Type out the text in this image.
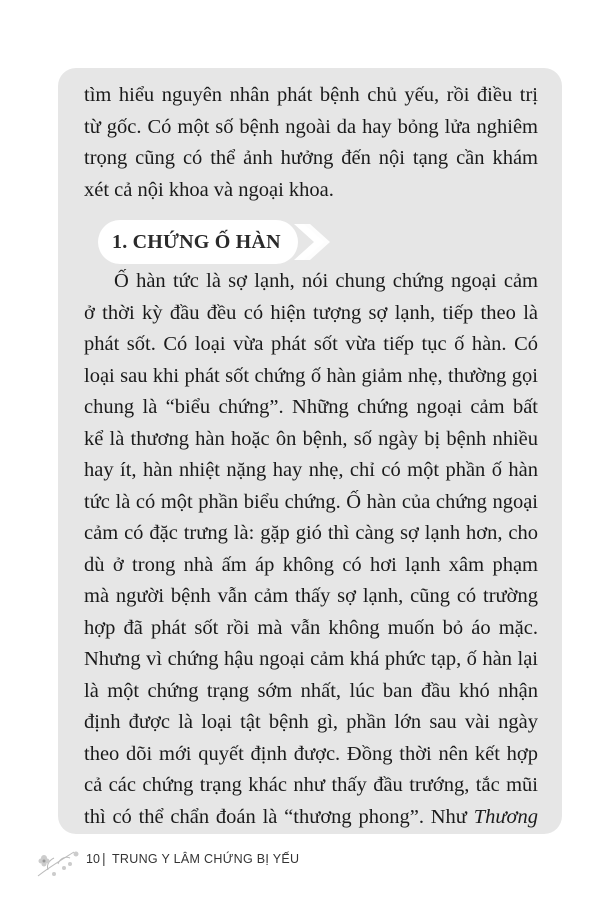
tìm hiểu nguyên nhân phát bệnh chủ yếu, rồi điều trị
từ gốc. Có một số bệnh ngoài da hay bỏng lửa nghiêm
trọng cũng có thể ảnh hưởng đến nội tạng cần khám
xét cả nội khoa và ngoại khoa.
1. CHỨNG Ố HÀN
Ố hàn tức là sợ lạnh, nói chung chứng ngoại cảm
ở thời kỳ đầu đều có hiện tượng sợ lạnh, tiếp theo là
phát sốt. Có loại vừa phát sốt vừa tiếp tục ố hàn. Có
loại sau khi phát sốt chứng ố hàn giảm nhẹ, thường gọi
chung là “biểu chứng”. Những chứng ngoại cảm bất
kể là thương hàn hoặc ôn bệnh, số ngày bị bệnh nhiều
hay ít, hàn nhiệt nặng hay nhẹ, chỉ có một phần ố hàn
tức là có một phần biểu chứng. Ố hàn của chứng ngoại
cảm có đặc trưng là: gặp gió thì càng sợ lạnh hơn, cho
dù ở trong nhà ấm áp không có hơi lạnh xâm phạm
mà người bệnh vẫn cảm thấy sợ lạnh, cũng có trường
hợp đã phát sốt rồi mà vẫn không muốn bỏ áo mặc.
Nhưng vì chứng hậu ngoại cảm khá phức tạp, ố hàn lại
là một chứng trạng sớm nhất, lúc ban đầu khó nhận
định được là loại tật bệnh gì, phần lớn sau vài ngày
theo dõi mới quyết định được. Đồng thời nên kết hợp
cả các chứng trạng khác như thấy đầu trướng, tắc mũi
thì có thể chẩn đoán là “thương phong”. Như Thương
10 | TRUNG Y LÂM CHỨNG BỊ YẾU
